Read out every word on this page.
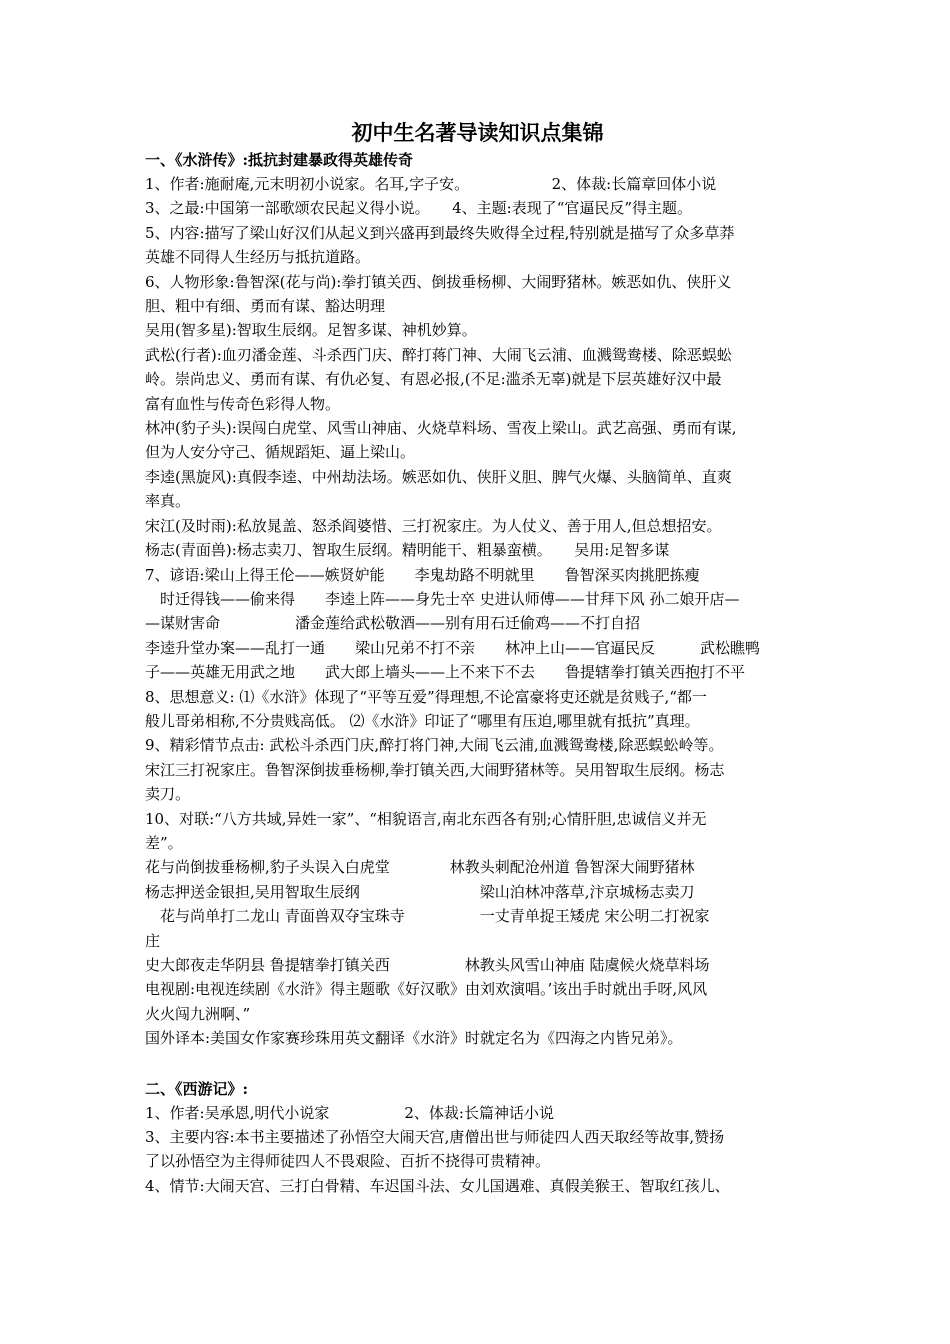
初中生名著导读知识点集锦
一、《水浒传》:抵抗封建暴政得英雄传奇
1、作者:施耐庵,元末明初小说家。名耳,字子安。　　　　　　2、体裁:长篇章回体小说
3、之最:中国第一部歌颂农民起义得小说。　　4、主题:表现了“官逼民反”得主题。
5、内容:描写了梁山好汉们从起义到兴盛再到最终失败得全过程,特别就是描写了众多草莽
英雄不同得人生经历与抵抗道路。
6、人物形象:鲁智深(花与尚):拳打镇关西、倒拔垂杨柳、大闹野猪林。嫉恶如仇、侠肝义
胆、粗中有细、勇而有谋、豁达明理
吴用(智多星):智取生辰纲。足智多谋、神机妙算。
武松(行者):血刃潘金莲、斗杀西门庆、醉打蒋门神、大闹飞云浦、血溅鸳鸯楼、除恶蜈蚣
岭。崇尚忠义、勇而有谋、有仇必复、有恩必报,(不足:滥杀无辜)就是下层英雄好汉中最
富有血性与传奇色彩得人物。
林冲(豹子头):误闯白虎堂、风雪山神庙、火烧草料场、雪夜上梁山。武艺高强、勇而有谋,
但为人安分守己、循规蹈矩、逼上梁山。
李逵(黑旋风):真假李逵、中州劫法场。嫉恶如仇、侠肝义胆、脾气火爆、头脑简单、直爽
率真。
宋江(及时雨):私放晁盖、怒杀阎婆惜、三打祝家庄。为人仗义、善于用人,但总想招安。
杨志(青面兽):杨志卖刀、智取生辰纲。精明能干、粗暴蛮横。　　吴用:足智多谋
7、谚语:梁山上得王伦——嫉贤妒能　　李鬼劫路不明就里　　鲁智深买肉挑肥拣瘦
　时迁得钱——偷来得　　李逵上阵——身先士卒 史进认师傅——甘拜下风 孙二娘开店—
—谋财害命　　　　　潘金莲给武松敬酒——别有用石迁偷鸡——不打自招
李逵升堂办案——乱打一通　　梁山兄弟不打不亲　　林冲上山——官逼民反　　　武松瞧鸭
子——英雄无用武之地　　武大郎上墙头——上不来下不去　　鲁提辖拳打镇关西抱打不平
8、思想意义: ⑴《水浒》体现了“平等互爱”得理想,不论富豪将吏还就是贫贱子,“都一
般儿哥弟相称,不分贵贱高低。 ⑵《水浒》印证了“哪里有压迫,哪里就有抵抗”真理。
9、精彩情节点击: 武松斗杀西门庆,醉打将门神,大闹飞云浦,血溅鸳鸯楼,除恶蜈蚣岭等。
宋江三打祝家庄。鲁智深倒拔垂杨柳,拳打镇关西,大闹野猪林等。吴用智取生辰纲。杨志
卖刀。
10、对联:“八方共域,异姓一家”、“相貌语言,南北东西各有别;心情肝胆,忠诚信义并无
差”。
花与尚倒拔垂杨柳,豹子头误入白虎堂　　　　林教头刺配沧州道 鲁智深大闹野猪林
杨志押送金银担,吴用智取生辰纲　　　　　　　　梁山泊林冲落草,汴京城杨志卖刀
　花与尚单打二龙山 青面兽双夺宝珠寺　　　　　一丈青单捉王矮虎 宋公明二打祝家
庄
史大郎夜走华阴县 鲁提辖拳打镇关西　　　　　林教头风雪山神庙 陆虞候火烧草料场
电视剧:电视连续剧《水浒》得主题歌《好汉歌》由刘欢演唱。’该出手时就出手呀,风风
火火闯九洲啊、”
国外译本:美国女作家赛珍珠用英文翻译《水浒》时就定名为《四海之内皆兄弟》。
二、《西游记》:
1、作者:吴承恩,明代小说家　　　　　2、体裁:长篇神话小说
3、主要内容:本书主要描述了孙悟空大闹天宫,唐僧出世与师徒四人西天取经等故事,赞扬
了以孙悟空为主得师徒四人不畏艰险、百折不挠得可贵精神。
4、情节:大闹天宫、三打白骨精、车迟国斗法、女儿国遇难、真假美猴王、智取红孩儿、
